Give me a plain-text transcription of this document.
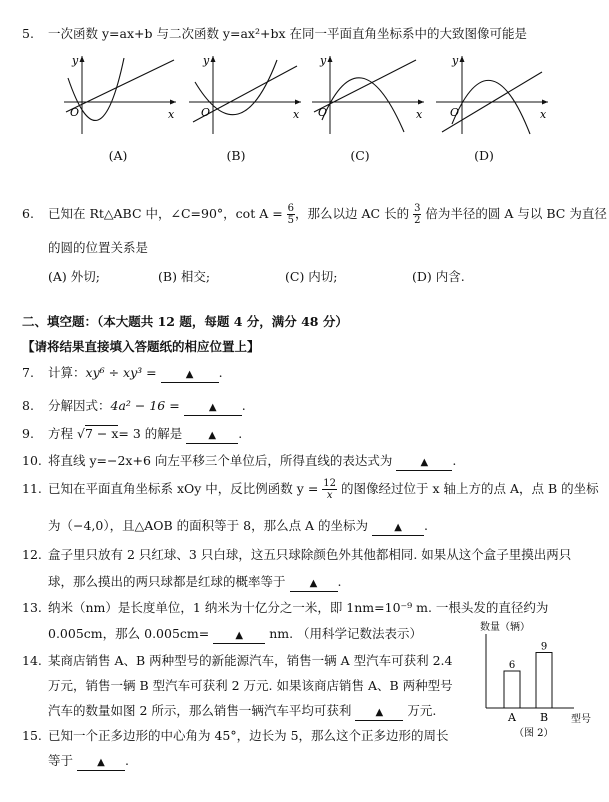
5. 一次函数 y=ax+b 与二次函数 y=ax²+bx 在同一平面直角坐标系中的大致图像可能是
y
x
O
y
x
O
y
x
O
y
x
O
(A)	(B)	(C)	(D)
6. 已知在 Rt△ABC 中，∠C=90°，$\cot A = \frac{6}{5}$ ，那么以边 AC 长的 $\frac{3}{2}$ 倍为半径的圆 A 与以 BC 为直径
的圆的位置关系是
(A) 外切;	(B) 相交;	(C) 内切;	(D) 内含.
二、填空题：（本大题共 12 题，每题 4 分，满分 48 分）
【请将结果直接填入答题纸的相应位置上】
7. 计算：xy⁶ ÷ xy³ =	▲ .
8. 分解因式：4a² − 16 =	▲ .
9. 方程 √7 − x= 3 的解是	▲ .
10. 将直线 y=−2x+6 向左平移三个单位后，所得直线的表达式为	▲ .
11. 已知在平面直角坐标系 xOy 中，反比例函数 $y = \frac{12}{x}$ 的图像经过位于 x 轴上方的点 A，点 B 的坐标
为（−4,0），且△AOB 的面积等于 8，那么点 A 的坐标为	▲ .
12. 盒子里只放有 2 只红球、3 只白球，这五只球除颜色外其他都相同. 如果从这个盒子里摸出两只
球，那么摸出的两只球都是红球的概率等于 ▲ .
13. 纳米（nm）是长度单位，1 纳米为十亿分之一米，即 1nm=10⁻⁹ m. 一根头发的直径约为
0.005cm，那么 0.005cm=	▲ nm. （用科学记数法表示）
14. 某商店销售 A、B 两种型号的新能源汽车，销售一辆 A 型汽车可获利 2.4
万元，销售一辆 B 型汽车可获利 2 万元. 如果该商店销售 A、B 两种型号
汽车的数量如图 2 所示，那么销售一辆汽车平均可获利 ▲ 万元.
15. 已知一个正多边形的中心角为 45°，边长为 5，那么这个正多边形的周长
等于 ▲ .
数量（辆）
6
A
9
B 型号
（图 2）
